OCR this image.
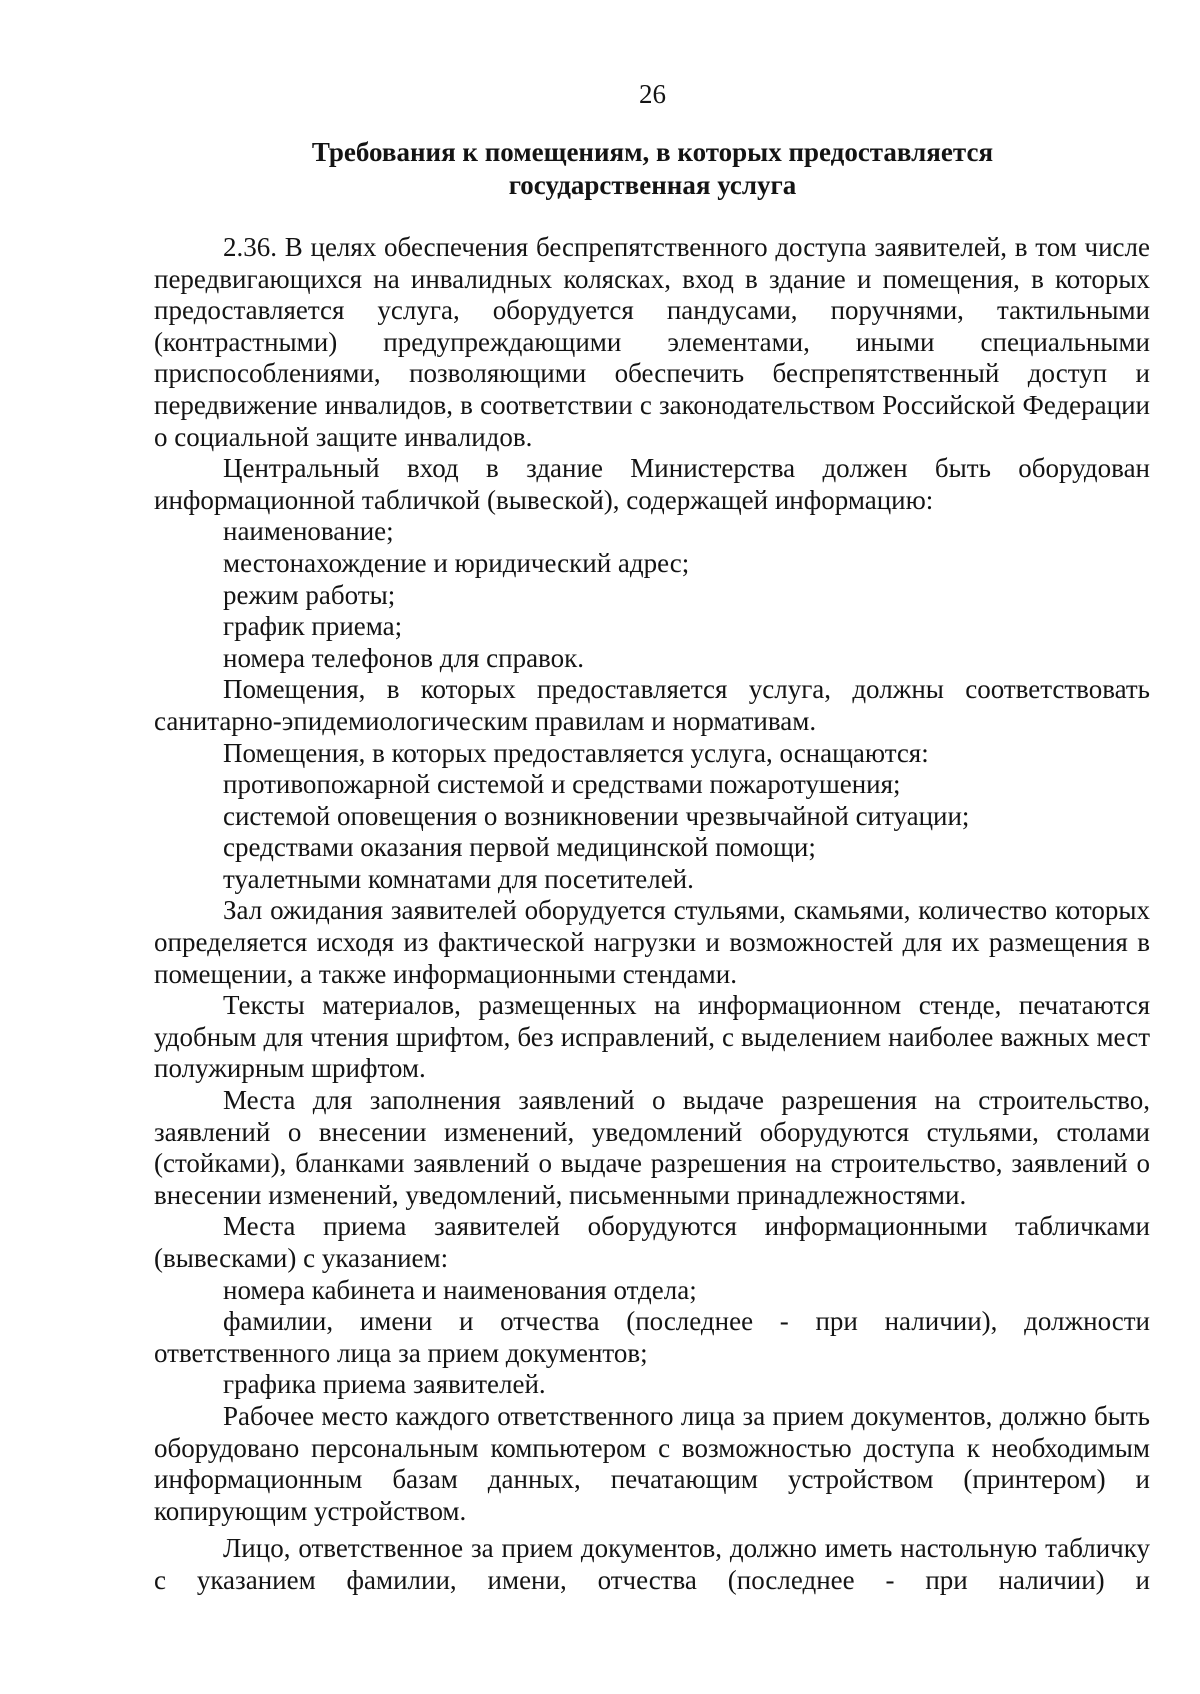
26
Требования к помещениям, в которых предоставляется
государственная услуга

2.36. В целях обеспечения беспрепятственного доступа заявителей, в том числе передвигающихся на инвалидных колясках, вход в здание и помещения, в которых предоставляется услуга, оборудуется пандусами, поручнями, тактильными (контрастными) предупреждающими элементами, иными специальными приспособлениями, позволяющими обеспечить беспрепятственный доступ и передвижение инвалидов, в соответствии с законодательством Российской Федерации о социальной защите инвалидов.

Центральный вход в здание Министерства должен быть оборудован информационной табличкой (вывеской), содержащей информацию:

наименование;

местонахождение и юридический адрес;

режим работы;

график приема;

номера телефонов для справок.

Помещения, в которых предоставляется услуга, должны соответствовать санитарно-эпидемиологическим правилам и нормативам.

Помещения, в которых предоставляется услуга, оснащаются:

противопожарной системой и средствами пожаротушения;

системой оповещения о возникновении чрезвычайной ситуации;

средствами оказания первой медицинской помощи;

туалетными комнатами для посетителей.

Зал ожидания заявителей оборудуется стульями, скамьями, количество которых определяется исходя из фактической нагрузки и возможностей для их размещения в помещении, а также информационными стендами.

Тексты материалов, размещенных на информационном стенде, печатаются удобным для чтения шрифтом, без исправлений, с выделением наиболее важных мест полужирным шрифтом.

Места для заполнения заявлений о выдаче разрешения на строительство, заявлений о внесении изменений, уведомлений оборудуются стульями, столами (стойками), бланками заявлений о выдаче разрешения на строительство, заявлений о внесении изменений, уведомлений, письменными принадлежностями.

Места приема заявителей оборудуются информационными табличками (вывесками) с указанием:

номера кабинета и наименования отдела;

фамилии, имени и отчества (последнее - при наличии), должности ответственного лица за прием документов;

графика приема заявителей.

Рабочее место каждого ответственного лица за прием документов, должно быть оборудовано персональным компьютером с возможностью доступа к необходимым информационным базам данных, печатающим устройством (принтером) и копирующим устройством.

Лицо, ответственное за прием документов, должно иметь настольную табличку с указанием фамилии, имени, отчества (последнее - при наличии) и
